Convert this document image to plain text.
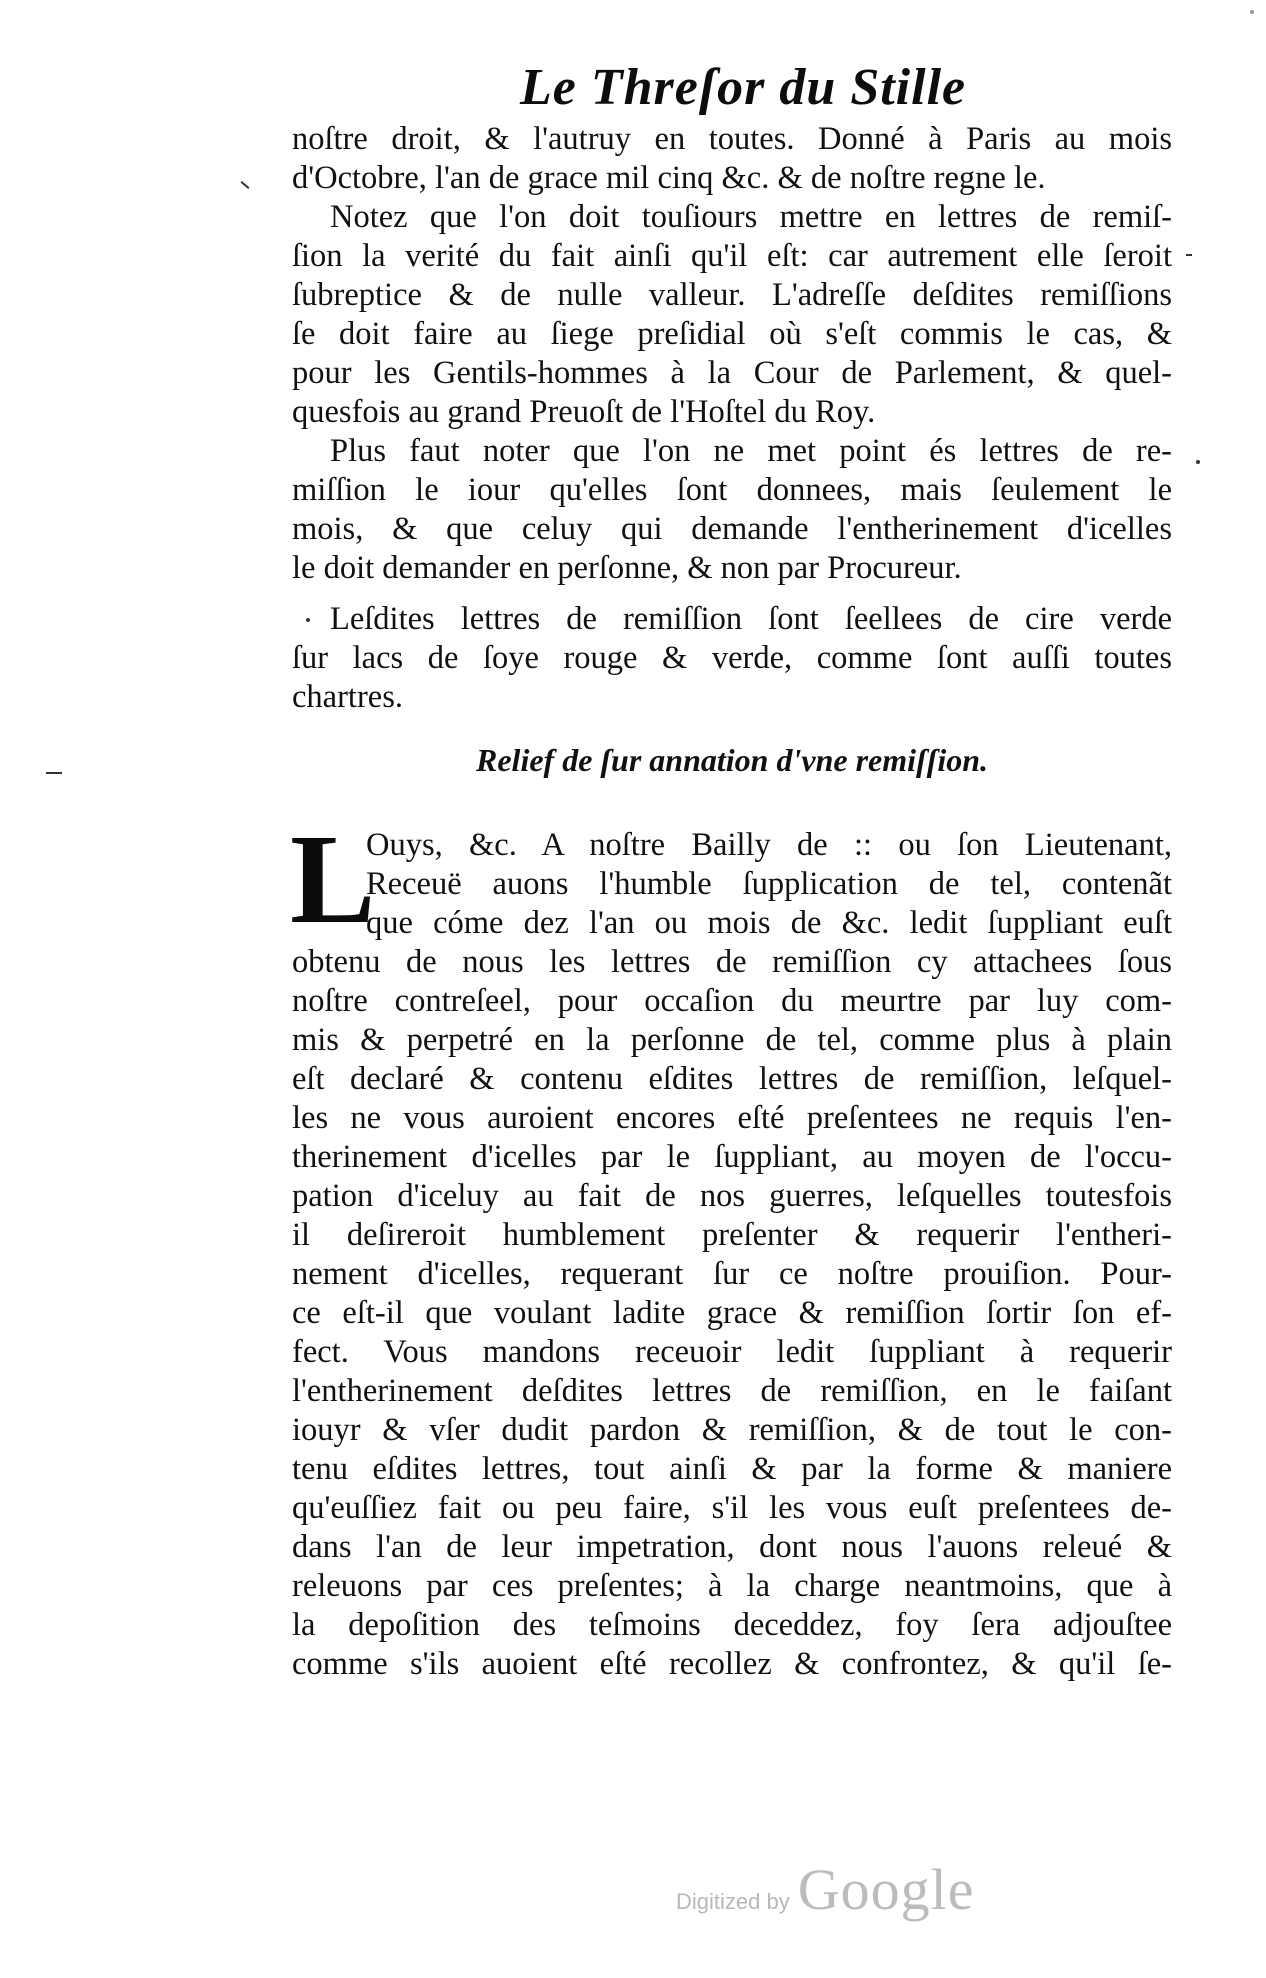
Le Threſor du Stille
noſtre droit, & l'autruy en toutes. Donné à Paris au mois
d'Octobre, l'an de grace mil cinq &c. & de noſtre regne le.
Notez que l'on doit touſiours mettre en lettres de remiſ-
ſion la verité du fait ainſi qu'il eſt: car autrement elle ſeroit
ſubreptice & de nulle valleur. L'adreſſe deſdites remiſſions
ſe doit faire au ſiege preſidial où s'eſt commis le cas, &
pour les Gentils-hommes à la Cour de Parlement, & quel-
quesfois au grand Preuoſt de l'Hoſtel du Roy.
Plus faut noter que l'on ne met point és lettres de re-
miſſion le iour qu'elles ſont donnees, mais ſeulement le
mois, & que celuy qui demande l'entherinement d'icelles
le doit demander en perſonne, & non par Procureur.
Leſdites lettres de remiſſion ſont ſeellees de cire verde
ſur lacs de ſoye rouge & verde, comme ſont auſſi toutes
chartres.
Relief de ſur annation d'vne remiſſion.
L
Ouys, &c. A noſtre Bailly de :: ou ſon Lieutenant,
Receuë auons l'humble ſupplication de tel, contenãt
que cóme dez l'an ou mois de &c. ledit ſuppliant euſt
obtenu de nous les lettres de remiſſion cy attachees ſous
noſtre contreſeel, pour occaſion du meurtre par luy com-
mis & perpetré en la perſonne de tel, comme plus à plain
eſt declaré & contenu eſdites lettres de remiſſion, leſquel-
les ne vous auroient encores eſté preſentees ne requis l'en-
therinement d'icelles par le ſuppliant, au moyen de l'occu-
pation d'iceluy au fait de nos guerres, leſquelles toutesfois
il deſireroit humblement preſenter & requerir l'entheri-
nement d'icelles, requerant ſur ce noſtre prouiſion. Pour-
ce eſt-il que voulant ladite grace & remiſſion ſortir ſon ef-
fect. Vous mandons receuoir ledit ſuppliant à requerir
l'entherinement deſdites lettres de remiſſion, en le faiſant
iouyr & vſer dudit pardon & remiſſion, & de tout le con-
tenu eſdites lettres, tout ainſi & par la forme & maniere
qu'euſſiez fait ou peu faire, s'il les vous euſt preſentees de-
dans l'an de leur impetration, dont nous l'auons releué &
releuons par ces preſentes; à la charge neantmoins, que à
la depoſition des teſmoins deceddez, foy ſera adjouſtee
comme s'ils auoient eſté recollez & confrontez, & qu'il ſe-
Digitized by Google
